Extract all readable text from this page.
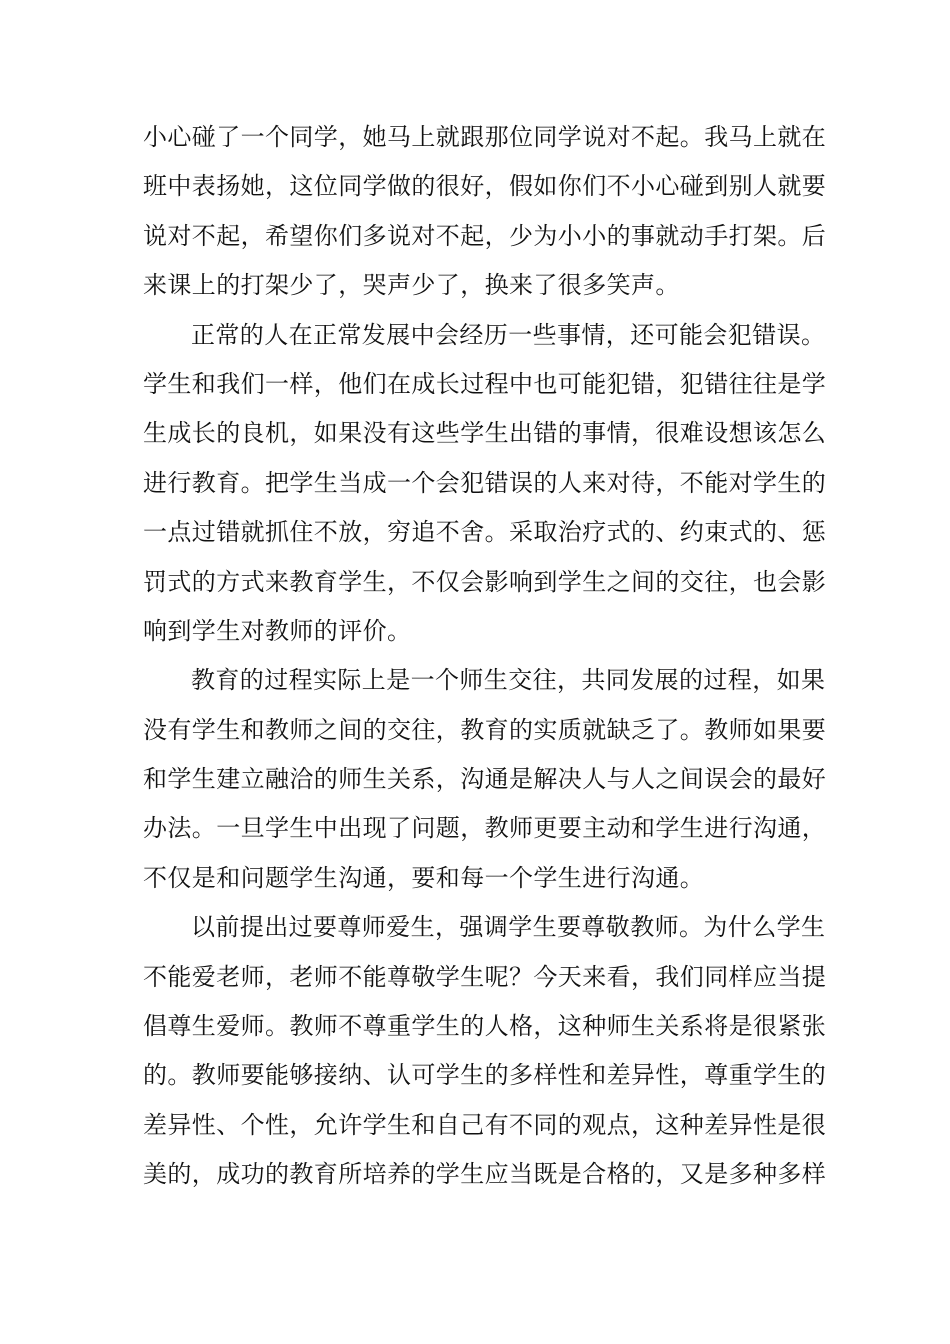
小心碰了一个同学，她马上就跟那位同学说对不起。我马上就在
班中表扬她，这位同学做的很好，假如你们不小心碰到别人就要
说对不起，希望你们多说对不起，少为小小的事就动手打架。后
来课上的打架少了，哭声少了，换来了很多笑声。
正常的人在正常发展中会经历一些事情，还可能会犯错误。
学生和我们一样，他们在成长过程中也可能犯错，犯错往往是学
生成长的良机，如果没有这些学生出错的事情，很难设想该怎么
进行教育。把学生当成一个会犯错误的人来对待，不能对学生的
一点过错就抓住不放，穷追不舍。采取治疗式的、约束式的、惩
罚式的方式来教育学生，不仅会影响到学生之间的交往，也会影
响到学生对教师的评价。
教育的过程实际上是一个师生交往，共同发展的过程，如果
没有学生和教师之间的交往，教育的实质就缺乏了。教师如果要
和学生建立融洽的师生关系，沟通是解决人与人之间误会的最好
办法。一旦学生中出现了问题，教师更要主动和学生进行沟通，
不仅是和问题学生沟通，要和每一个学生进行沟通。
以前提出过要尊师爱生，强调学生要尊敬教师。为什么学生
不能爱老师，老师不能尊敬学生呢？今天来看，我们同样应当提
倡尊生爱师。教师不尊重学生的人格，这种师生关系将是很紧张
的。教师要能够接纳、认可学生的多样性和差异性，尊重学生的
差异性、个性，允许学生和自己有不同的观点，这种差异性是很
美的，成功的教育所培养的学生应当既是合格的，又是多种多样
